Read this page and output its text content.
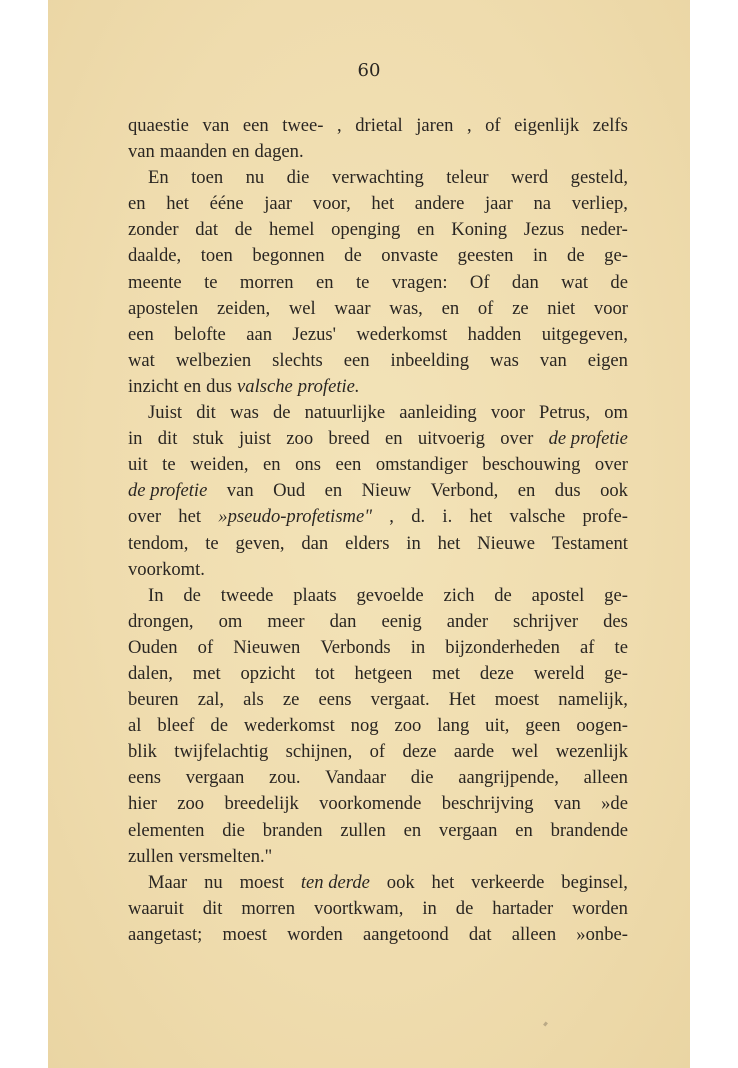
60
quaestie van een twee- , drietal jaren , of eigenlijk zelfs
van maanden en dagen.
En toen nu die verwachting teleur werd gesteld,
en het ééne jaar voor, het andere jaar na verliep,
zonder dat de hemel openging en Koning Jezus neder-
daalde, toen begonnen de onvaste geesten in de ge-
meente te morren en te vragen: Of dan wat de
apostelen zeiden, wel waar was, en of ze niet voor
een belofte aan Jezus' wederkomst hadden uitgegeven,
wat welbezien slechts een inbeelding was van eigen
inzicht en dus valsche profetie.
Juist dit was de natuurlijke aanleiding voor Petrus, om
in dit stuk juist zoo breed en uitvoerig over de profetie
uit te weiden, en ons een omstandiger beschouwing over
de profetie van Oud en Nieuw Verbond, en dus ook
over het »pseudo-profetisme" , d. i. het valsche profe-
tendom, te geven, dan elders in het Nieuwe Testament
voorkomt.
In de tweede plaats gevoelde zich de apostel ge-
drongen, om meer dan eenig ander schrijver des
Ouden of Nieuwen Verbonds in bijzonderheden af te
dalen, met opzicht tot hetgeen met deze wereld ge-
beuren zal, als ze eens vergaat. Het moest namelijk,
al bleef de wederkomst nog zoo lang uit, geen oogen-
blik twijfelachtig schijnen, of deze aarde wel wezenlijk
eens vergaan zou. Vandaar die aangrijpende, alleen
hier zoo breedelijk voorkomende beschrijving van »de
elementen die branden zullen en vergaan en brandende
zullen versmelten."
Maar nu moest ten derde ook het verkeerde beginsel,
waaruit dit morren voortkwam, in de hartader worden
aangetast; moest worden aangetoond dat alleen »onbe-
